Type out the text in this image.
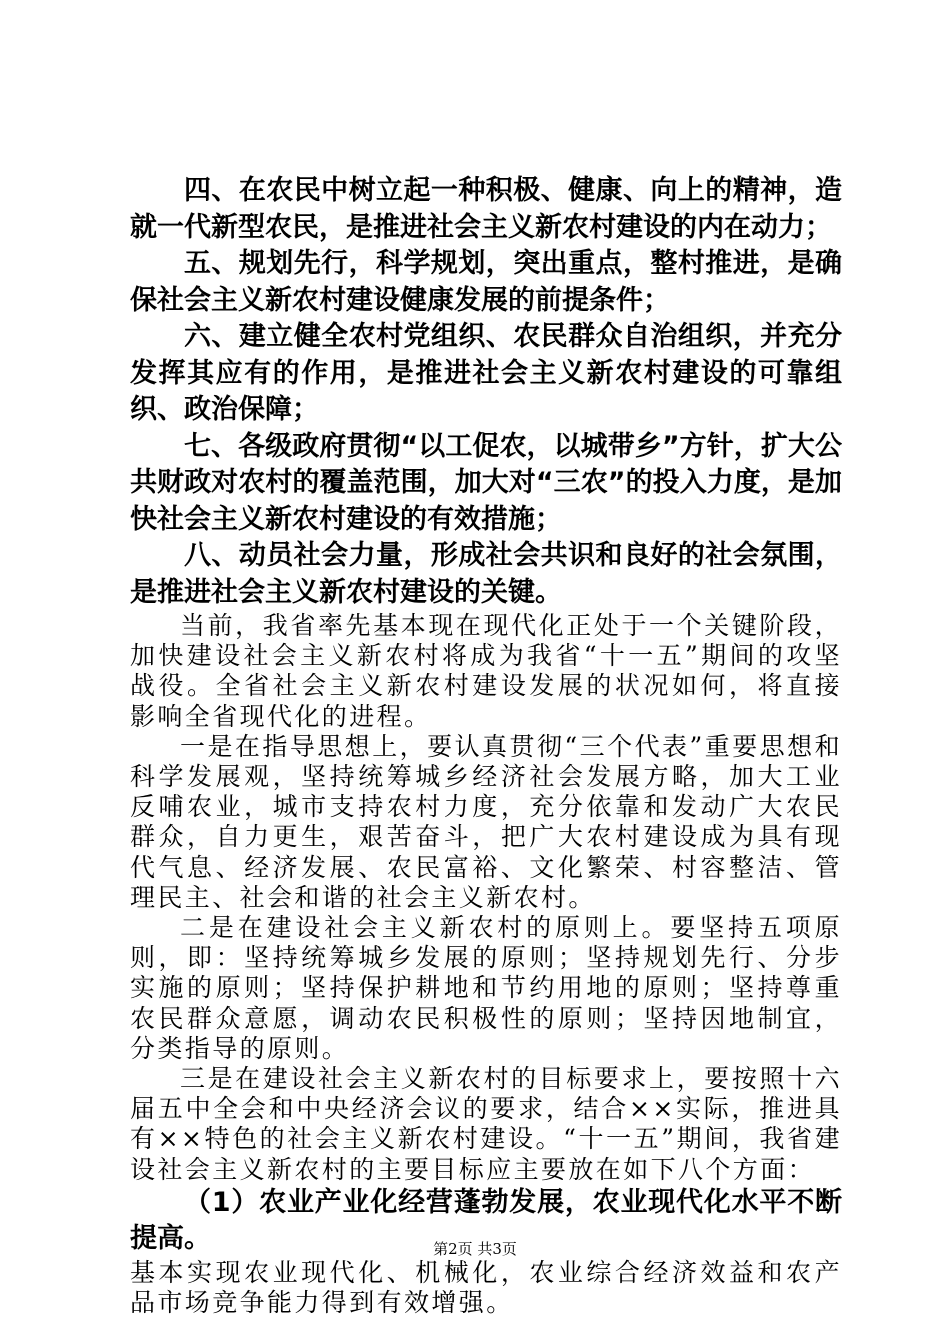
四、在农民中树立起一种积极、健康、向上的精神，造就一代新型农民，是推进社会主义新农村建设的内在动力；

五、规划先行，科学规划，突出重点，整村推进，是确保社会主义新农村建设健康发展的前提条件；

六、建立健全农村党组织、农民群众自治组织，并充分发挥其应有的作用，是推进社会主义新农村建设的可靠组织、政治保障；

七、各级政府贯彻“以工促农，以城带乡”方针，扩大公共财政对农村的覆盖范围，加大对“三农”的投入力度，是加快社会主义新农村建设的有效措施；

八、动员社会力量，形成社会共识和良好的社会氛围，是推进社会主义新农村建设的关键。

当前，我省率先基本现在现代化正处于一个关键阶段，加快建设社会主义新农村将成为我省“十一五”期间的攻坚战役。全省社会主义新农村建设发展的状况如何，将直接影响全省现代化的进程。

一是在指导思想上，要认真贯彻“三个代表”重要思想和科学发展观，坚持统筹城乡经济社会发展方略，加大工业反哺农业，城市支持农村力度，充分依靠和发动广大农民群众，自力更生，艰苦奋斗，把广大农村建设成为具有现代气息、经济发展、农民富裕、文化繁荣、村容整洁、管理民主、社会和谐的社会主义新农村。

二是在建设社会主义新农村的原则上。要坚持五项原则，即：坚持统筹城乡发展的原则；坚持规划先行、分步实施的原则；坚持保护耕地和节约用地的原则；坚持尊重农民群众意愿，调动农民积极性的原则；坚持因地制宜，分类指导的原则。

三是在建设社会主义新农村的目标要求上，要按照十六届五中全会和中央经济会议的要求，结合××实际，推进具有××特色的社会主义新农村建设。“十一五”期间，我省建设社会主义新农村的主要目标应主要放在如下八个方面：

（1）农业产业化经营蓬勃发展，农业现代化水平不断提高。

基本实现农业现代化、机械化，农业综合经济效益和农产品市场竞争能力得到有效增强。

第2页 共3页
